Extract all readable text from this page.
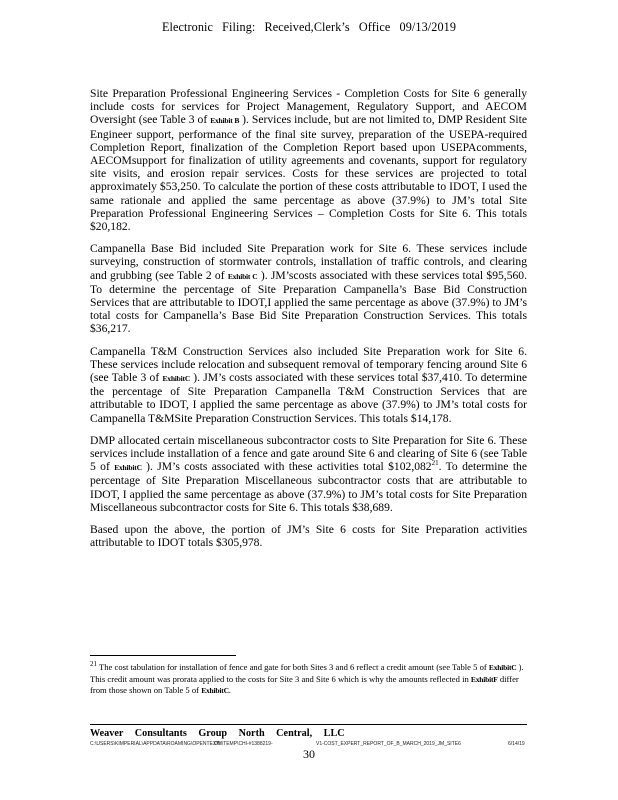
Electronic Filing: Received,Clerk’s Office 09/13/2019

Site Preparation Professional Engineering Services - Completion Costs for Site 6 generally include costs for services for Project Management, Regulatory Support, and AECOM Oversight (see Table 3 of Exhibit B ). Services include, but are not limited to, DMP Resident Site Engineer support, performance of the final site survey, preparation of the USEPA-required Completion Report, finalization of the Completion Report based upon USEPAcomments, AECOMsupport for finalization of utility agreements and covenants, support for regulatory site visits, and erosion repair services. Costs for these services are projected to total approximately $53,250. To calculate the portion of these costs attributable to IDOT, I used the same rationale and applied the same percentage as above (37.9%) to JM’s total Site Preparation Professional Engineering Services – Completion Costs for Site 6. This totals $20,182.

Campanella Base Bid included Site Preparation work for Site 6. These services include surveying, construction of stormwater controls, installation of traffic controls, and clearing and grubbing (see Table 2 of Exhibit C ). JM’scosts associated with these services total $95,560. To determine the percentage of Site Preparation Campanella’s Base Bid Construction Services that are attributable to IDOT,I applied the same percentage as above (37.9%) to JM’s total costs for Campanella’s Base Bid Site Preparation Construction Services. This totals $36,217.

Campanella T&M Construction Services also included Site Preparation work for Site 6. These services include relocation and subsequent removal of temporary fencing around Site 6 (see Table 3 of ExhibitC ). JM’s costs associated with these services total $37,410. To determine the percentage of Site Preparation Campanella T&M Construction Services that are attributable to IDOT, I applied the same percentage as above (37.9%) to JM’s total costs for Campanella T&MSite Preparation Construction Services. This totals $14,178.

DMP allocated certain miscellaneous subcontractor costs to Site Preparation for Site 6. These services include installation of a fence and gate around Site 6 and clearing of Site 6 (see Table 5 of ExhibitC ). JM’s costs associated with these activities total $102,082$^{21}$. To determine the percentage of Site Preparation Miscellaneous subcontractor costs that are attributable to IDOT, I applied the same percentage as above (37.9%) to JM’s total costs for Site Preparation Miscellaneous subcontractor costs for Site 6. This totals $38,689.

Based upon the above, the portion of JM’s Site 6 costs for Site Preparation activities attributable to IDOT totals $305,978.

$^{21}$ The cost tabulation for installation of fence and gate for both Sites 3 and 6 reflect a credit amount (see Table 5 of ExhibitC ). This credit amount was prorata applied to the costs for Site 3 and Site 6 which is why the amounts reflected in ExhibitF differ from those shown on Table 5 of ExhibitC.
Weaver Consultants Group North Central, LLC
C:\USERS\KIMPERIAL\APPDATA\ROAMING\OPENTEXT\
DM\TEMP\CHI-#1388219-	V1-COST_EXPERT_REPORT_OF_B_MARCH_2019_JM_SITE6	6/14/19
30
